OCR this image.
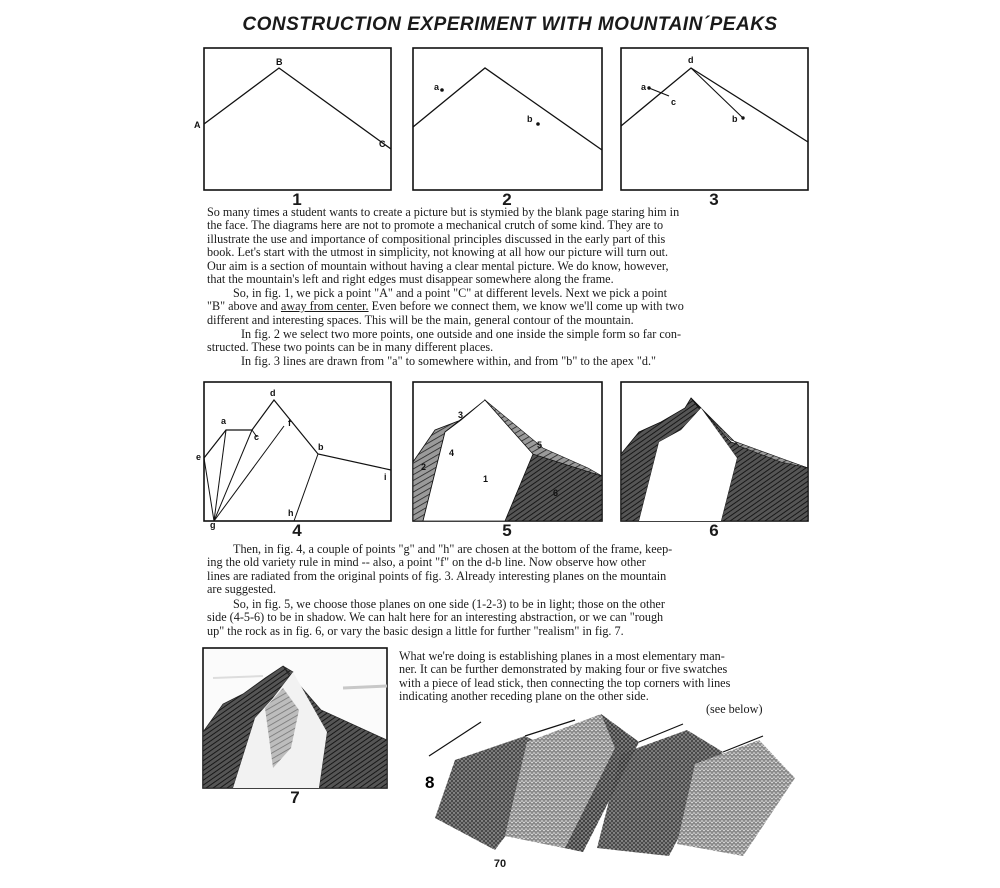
CONSTRUCTION EXPERIMENT WITH MOUNTAIN´PEAKS
A
B
C
1
a
b
2
a
c
d
b
3
So many times a student wants to create a picture but is stymied by the blank page staring him in
the face. The diagrams here are not to promote a mechanical crutch of some kind. They are to
illustrate the use and importance of compositional principles discussed in the early part of this
book. Let's start with the utmost in simplicity, not knowing at all how our picture will turn out.
Our aim is a section of mountain without having a clear mental picture. We do know, however,
that the mountain's left and right edges must disappear somewhere along the frame.
So, in fig. 1, we pick a point "A" and a point "C" at different levels. Next we pick a point
"B" above and away from center. Even before we connect them, we know we'll come up with two
different and interesting spaces. This will be the main, general contour of the mountain.
In fig. 2 we select two more points, one outside and one inside the simple form so far con-
structed. These two points can be in many different places.
In fig. 3 lines are drawn from "a" to somewhere within, and from "b" to the apex "d."
a
d
c
f
e
b
i
g
h
4
3
2
4
5
1
6
5	6
Then, in fig. 4, a couple of points "g" and "h" are chosen at the bottom of the frame, keep-
ing the old variety rule in mind -- also, a point "f" on the d-b line. Now observe how other
lines are radiated from the original points of fig. 3. Already interesting planes on the mountain
are suggested.
So, in fig. 5, we choose those planes on one side (1-2-3) to be in light; those on the other
side (4-5-6) to be in shadow. We can halt here for an interesting abstraction, or we can "rough
up" the rock as in fig. 6, or vary the basic design a little for further "realism" in fig. 7.
7
What we're doing is establishing planes in a most elementary man-
ner. It can be further demonstrated by making four or five swatches
with a piece of lead stick, then connecting the top corners with lines
indicating another receding plane on the other side.
(see below)
8
70
